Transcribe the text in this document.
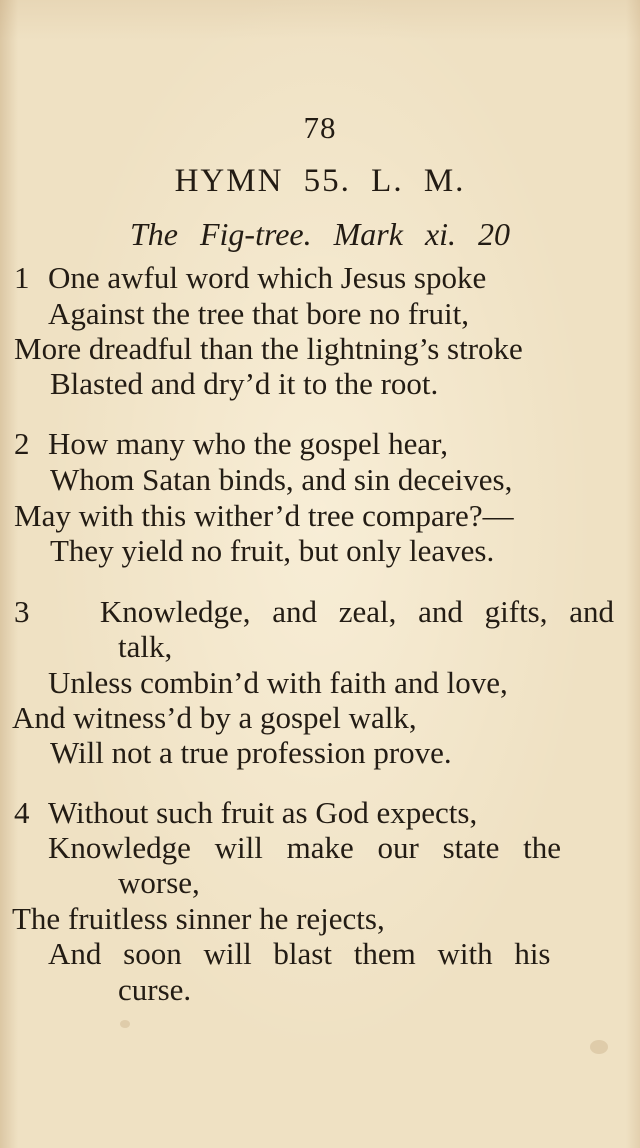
78
HYMN 55. L. M.
The Fig-tree. Mark xi. 20
1 One awful word which Jesus spoke
Against the tree that bore no fruit,
More dreadful than the lightning’s stroke
Blasted and dry’d it to the root.
2 How many who the gospel hear,
Whom Satan binds, and sin deceives,
May with this wither’d tree compare?—
They yield no fruit, but only leaves.
3	Knowledge, and zeal, and gifts, and
talk,
Unless combin’d with faith and love,
And witness’d by a gospel walk,
Will not a true profession prove.
4 Without such fruit as God expects,
Knowledge will make our state the
worse,
The fruitless sinner he rejects,
And soon will blast them with his
curse.
